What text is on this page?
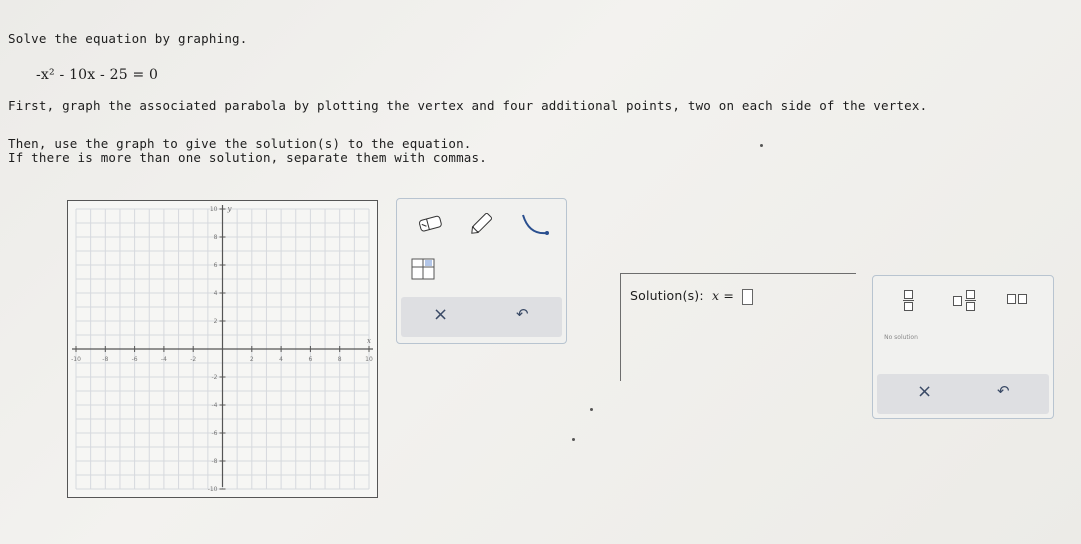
Solve the equation by graphing.
-x² - 10x - 25 = 0
First, graph the associated parabola by plotting the vertex and four additional points, two on each side of the vertex.
Then, use the graph to give the solution(s) to the equation.
If there is more than one solution, separate them with commas.
-10	-8	-6	-4	-2	2	4	6	8	10
10
8
6
4
2
-2
-4
-6
-8
-10
x
y
×	↶
Solution(s): x =
No solution
×	↶
